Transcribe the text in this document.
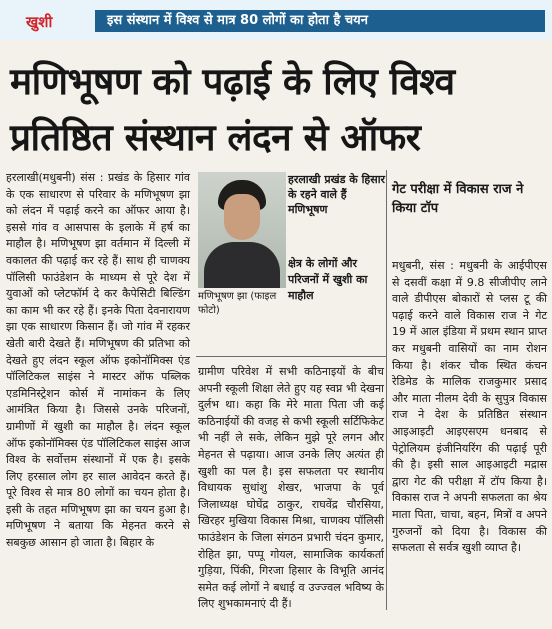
खुशी	इस संस्थान में विश्व से मात्र 80 लोगों का होता है चयन
मणिभूषण को पढ़ाई के लिए विश्व प्रतिष्ठित संस्थान लंदन से ऑफर
हरलाखी(मधुबनी) संस : प्रखंड के हिसार गांव के एक साधारण से परिवार के मणिभूषण झा को लंदन में पढ़ाई करने का ऑफर आया है। इससे गांव व आसपास के इलाके में हर्ष का माहौल है। मणिभूषण झा वर्तमान में दिल्ली में वकालत की पढ़ाई कर रहे हैं। साथ ही चाणक्य पॉलिसी फाउंडेशन के माध्यम से पूरे देश में युवाओं को प्लेटफॉर्म दे कर कैपेसिटी बिल्डिंग का काम भी कर रहे हैं। इनके पिता देवनारायण झा एक साधारण किसान हैं। जो गांव में रहकर खेती बारी देखते हैं। मणिभूषण की प्रतिभा को देखते हुए लंदन स्कूल ऑफ इकोनॉमिक्स एंड पॉलिटिकल साइंस ने मास्टर ऑफ पब्लिक एडमिनिस्ट्रेशन कोर्स में नामांकन के लिए आमंत्रित किया है। जिससे उनके परिजनों, ग्रामीणों में खुशी का माहौल है। लंदन स्कूल ऑफ इकोनॉमिक्स एंड पॉलिटिकल साइंस आज विश्व के सर्वोत्तम संस्थानों में एक है। इसके लिए हरसाल लोग हर साल आवेदन करते हैं। पूरे विश्व से मात्र 80 लोगों का चयन होता है। इसी के तहत मणिभूषण झा का चयन हुआ है। मणिभूषण ने बताया कि मेहनत करने से सबकुछ आसान हो जाता है। बिहार के
मणिभूषण झा (फाइल फोटो)
हरलाखी प्रखंड के हिसार के रहने वाले हैं मणिभूषण
क्षेत्र के लोगों और परिजनों में खुशी का माहौल
ग्रामीण परिवेश में सभी कठिनाइयों के बीच अपनी स्कूली शिक्षा लेते हुए यह स्वप्न भी देखना दुर्लभ था। कहा कि मेरे माता पिता जी कई कठिनाईयों की वजह से कभी स्कूली सर्टिफिकेट भी नहीं ले सके, लेकिन मुझे पूरे लगन और मेहनत से पढ़ाया। आज उनके लिए अत्यंत ही खुशी का पल है। इस सफलता पर स्थानीय विधायक सुधांशु शेखर, भाजपा के पूर्व जिलाध्यक्ष घोघेंद्र ठाकुर, राघवेंद्र चौरसिया, खिरहर मुखिया विकास मिश्रा, चाणक्य पॉलिसी फाउंडेशन के जिला संगठन प्रभारी चंदन कुमार, रोहित झा, पप्पू गोयल, सामाजिक कार्यकर्ता गुड़िया, पिंकी, गिरजा हिसार के विभूति आनंद समेत कई लोगों ने बधाई व उज्ज्वल भविष्य के लिए शुभकामनाएं दी हैं।
गेट परीक्षा में विकास राज ने किया टॉप
मधुबनी, संस : मधुबनी के आईपीएस से दसवीं कक्षा में 9.8 सीजीपीए लाने वाले डीपीएस बोकारों से प्लस टू की पढ़ाई करने वाले विकास राज ने गेट 19 में आल इंडिया में प्रथम स्थान प्राप्त कर मधुबनी वासियों का नाम रोशन किया है। शंकर चौक स्थित कंचन रेडिमेड के मालिक राजकुमार प्रसाद और माता नीलम देवी के सुपुत्र विकास राज ने देश के प्रतिष्ठित संस्थान आइआइटी आइएसएम धनबाद से पेट्रोलियम इंजीनियरिंग की पढ़ाई पूरी की है। इसी साल आइआइटी मद्रास द्वारा गेट की परीक्षा में टॉप किया है। विकास राज ने अपनी सफलता का श्रेय माता पिता, चाचा, बहन, मित्रों व अपने गुरुजनों को दिया है। विकास की सफलता से सर्वत्र खुशी व्याप्त है।
